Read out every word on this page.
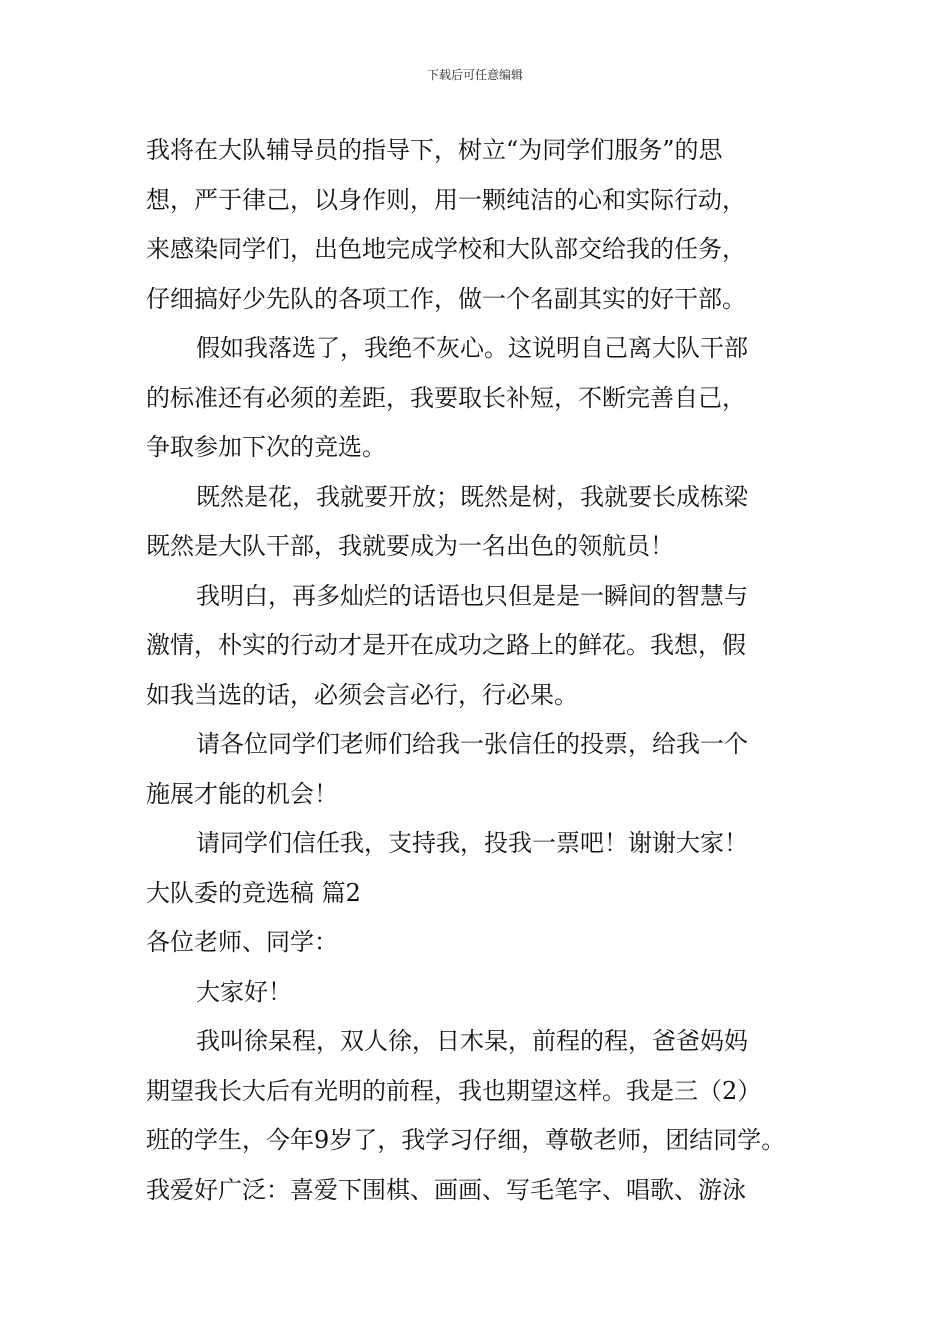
下载后可任意编辑
我将在大队辅导员的指导下，树立“为同学们服务”的思
想，严于律己，以身作则，用一颗纯洁的心和实际行动，
来感染同学们，出色地完成学校和大队部交给我的任务，
仔细搞好少先队的各项工作，做一个名副其实的好干部。
假如我落选了，我绝不灰心。这说明自己离大队干部
的标准还有必须的差距，我要取长补短，不断完善自己，
争取参加下次的竞选。
既然是花，我就要开放；既然是树，我就要长成栋梁
既然是大队干部，我就要成为一名出色的领航员！
我明白，再多灿烂的话语也只但是是一瞬间的智慧与
激情，朴实的行动才是开在成功之路上的鲜花。我想，假
如我当选的话，必须会言必行，行必果。
请各位同学们老师们给我一张信任的投票，给我一个
施展才能的机会！
请同学们信任我，支持我，投我一票吧！谢谢大家！
大队委的竞选稿 篇2
各位老师、同学：
大家好！
我叫徐杲程，双人徐，日木杲，前程的程，爸爸妈妈
期望我长大后有光明的前程，我也期望这样。我是三（2）
班的学生，今年9岁了，我学习仔细，尊敬老师，团结同学。
我爱好广泛：喜爱下围棋、画画、写毛笔字、唱歌、游泳
